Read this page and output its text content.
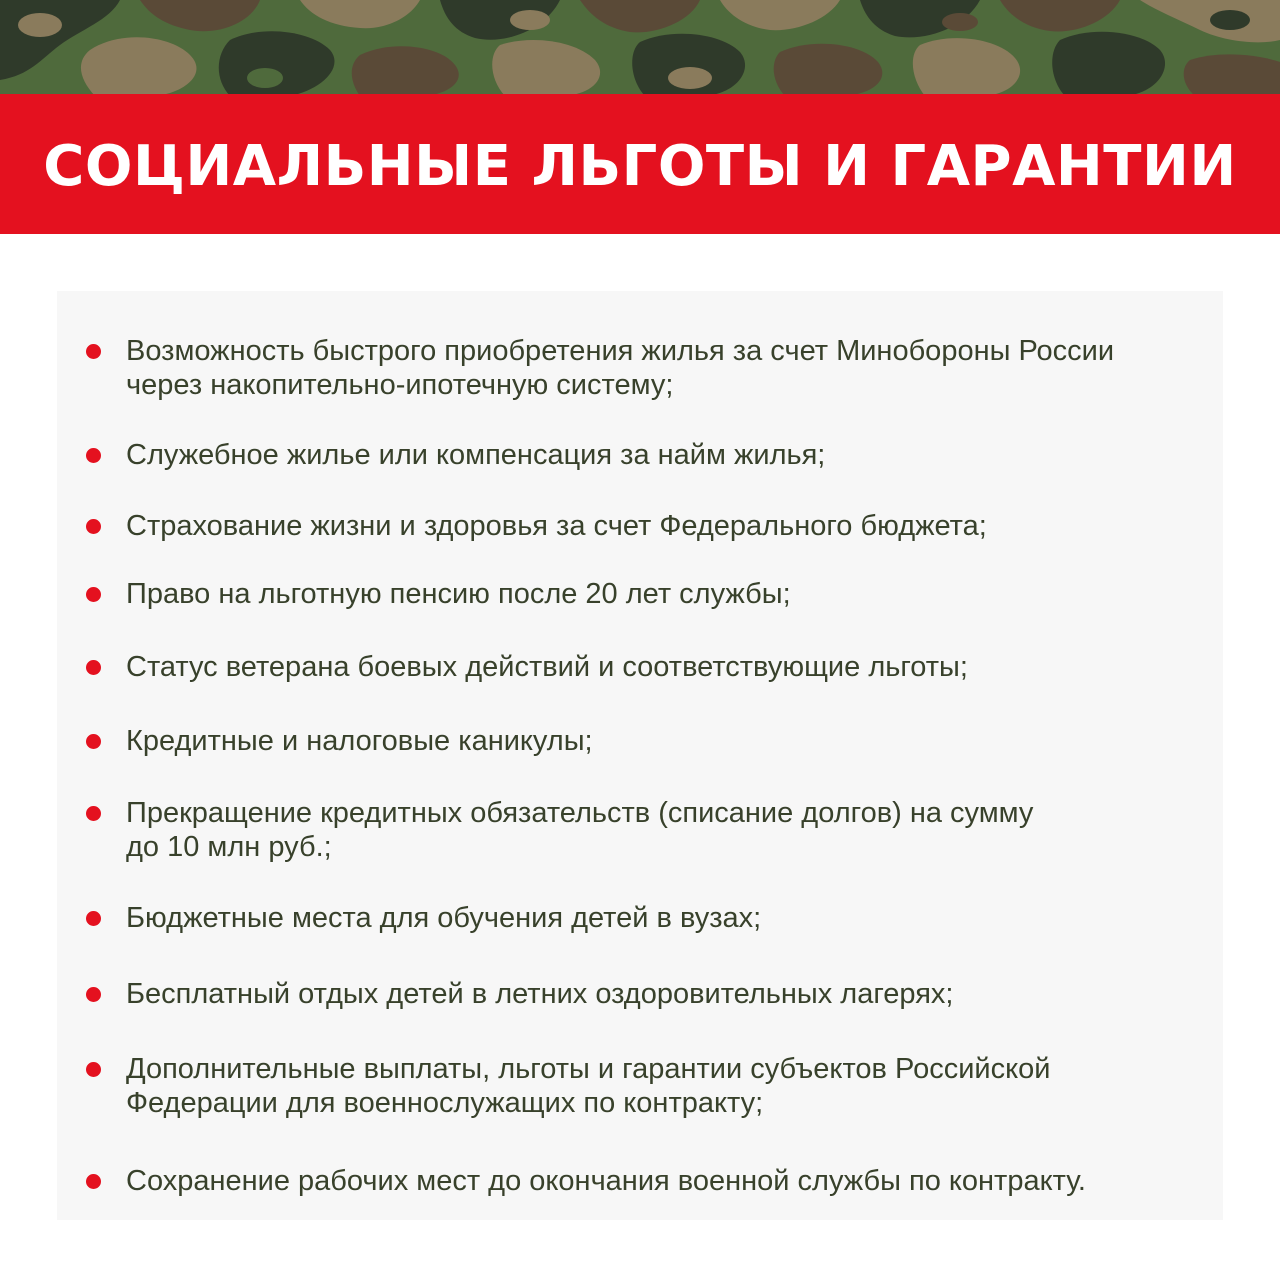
СОЦИАЛЬНЫЕ ЛЬГОТЫ И ГАРАНТИИ
Возможность быстрого приобретения жилья за счет Минобороны России
через накопительно-ипотечную систему;
Служебное жилье или компенсация за найм жилья;
Страхование жизни и здоровья за счет Федерального бюджета;
Право на льготную пенсию после 20 лет службы;
Статус ветерана боевых действий и соответствующие льготы;
Кредитные и налоговые каникулы;
Прекращение кредитных обязательств (списание долгов) на сумму
до 10 млн руб.;
Бюджетные места для обучения детей в вузах;
Бесплатный отдых детей в летних оздоровительных лагерях;
Дополнительные выплаты, льготы и гарантии субъектов Российской
Федерации для военнослужащих по контракту;
Сохранение рабочих мест до окончания военной службы по контракту.
